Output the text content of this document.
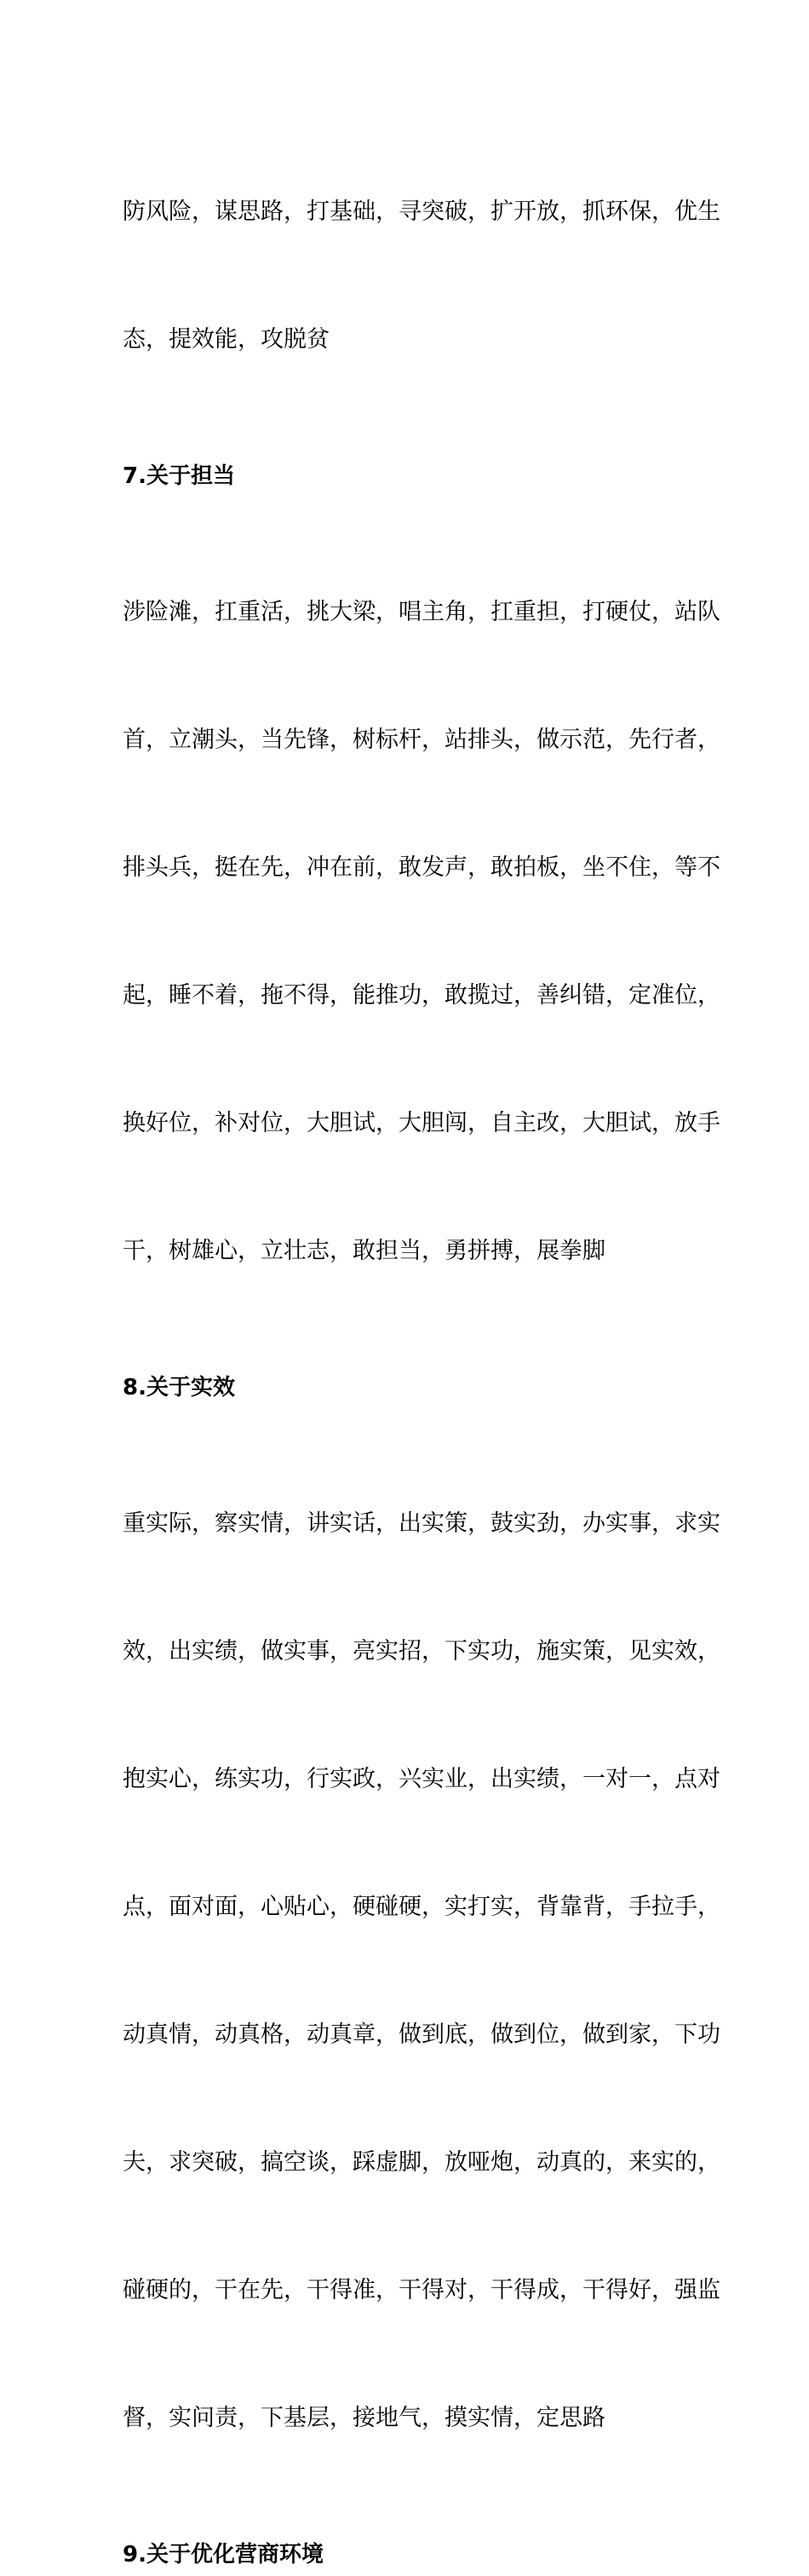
防风险，谋思路，打基础，寻突破，扩开放，抓环保，优生

态，提效能，攻脱贫

7.关于担当

涉险滩，扛重活，挑大梁，唱主角，扛重担，打硬仗，站队

首，立潮头，当先锋，树标杆，站排头，做示范，先行者，

排头兵，挺在先，冲在前，敢发声，敢拍板，坐不住，等不

起，睡不着，拖不得，能推功，敢揽过，善纠错，定准位，

换好位，补对位，大胆试，大胆闯，自主改，大胆试，放手

干，树雄心，立壮志，敢担当，勇拼搏，展拳脚

8.关于实效

重实际，察实情，讲实话，出实策，鼓实劲，办实事，求实

效，出实绩，做实事，亮实招，下实功，施实策，见实效，

抱实心，练实功，行实政，兴实业，出实绩，一对一，点对

点，面对面，心贴心，硬碰硬，实打实，背靠背，手拉手，

动真情，动真格，动真章，做到底，做到位，做到家，下功

夫，求突破，搞空谈，踩虚脚，放哑炮，动真的，来实的，

碰硬的，干在先，干得准，干得对，干得成，干得好，强监

督，实问责，下基层，接地气，摸实情，定思路

9.关于优化营商环境
